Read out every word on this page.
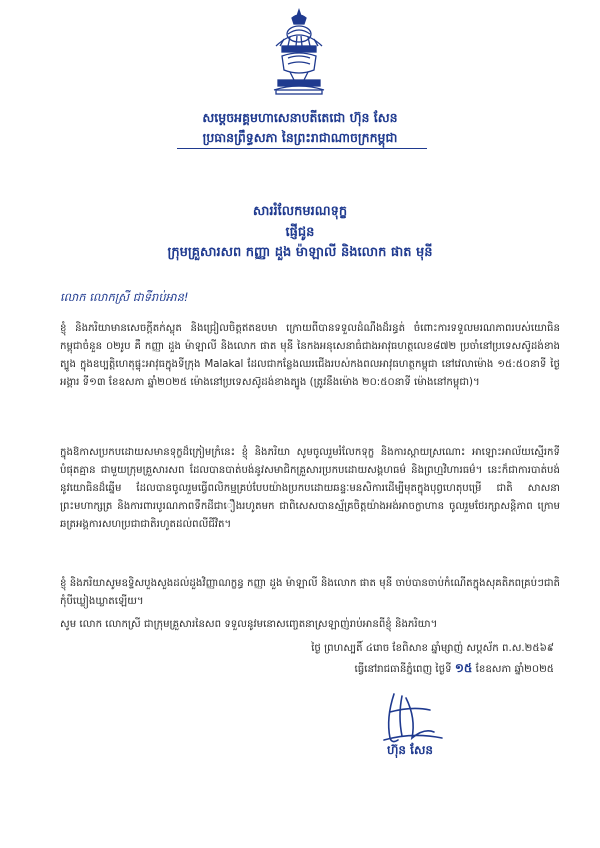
សម្ដេចអគ្គមហាសេនាបតីតេជោ ហ៊ុន សែន
ប្រធានព្រឹទ្ធសភា នៃព្រះរាជាណាចក្រកម្ពុជា
សាររំលែកមរណទុក្ខ
ផ្ញើជូន
ក្រុមគ្រួសារសព កញ្ញា ដួង ម៉ាឡាលី និងលោក ផាត មុនី
លោក លោកស្រី ជាទីរាប់អាន!
ខ្ញុំ និងភរិយាមានសេចក្ដីតក់ស្លុត និងជ្រៀលចិត្តឥតឧបមា ក្រោយពីបានទទួលដំណឹងដ៏រន្ធត់ ចំពោះការទទួលមរណភាពរបស់យោធិនកម្ពុជាចំនួន ០២រូប គឺ កញ្ញា ដួង ម៉ាឡាលី និងលោក ផាត មុនី នៃកងអនុសេនាធំជាងអាវុធហត្ថលេខ៨៧២ ប្រចាំនៅប្រទេសស៊ូដង់ខាងត្បូង ក្នុងឧប្បត្តិហេតុផ្ទុះអាវុធក្នុងទីក្រុង Malakal ដែលជាកន្លែងឈរជើងរបស់កងពលអាវុធហត្ថកម្ពុជា នៅវេលាម៉ោង ១៥:៥០នាទី ថ្ងៃអង្គារ ទី១៣ ខែឧសភា ឆ្នាំ២០២៥ ម៉ោងនៅប្រទេសស៊ូដង់ខាងត្បូង (ត្រូវនឹងម៉ោង ២០:៥០នាទី ម៉ោងនៅកម្ពុជា)។
ក្នុងឱកាសប្រកបដោយសមានទុក្ខដ៏ក្រៀមក្រំនេះ ខ្ញុំ និងភរិយា សូមចូលរួមរំលែកទុក្ខ និងការស្ដាយស្រណោះ អាឡោះអាល័យស្មើរកទីបំផុតគ្មាន ជាមួយក្រុមគ្រួសារសព ដែលបានបាត់បង់នូវសមាជិកគ្រួសារប្រកបដោយសង្គហធម៌ និងព្រហ្មវិហារធម៌។ នេះក៏ជាការបាត់បង់នូវយោធិនដ៏ឆ្នើម ដែលបានចូលរួមធ្វើពលិកម្មគ្រប់បែបយ៉ាងប្រកបដោយឆន្ទៈមនសិការដើម្បីមុតក្នុងបុព្វហេតុបម្រើ ជាតិ សាសនា ព្រះមហាក្សត្រ និងការពារបូរណភាពទឹកដីជាឿងរហូតមក ជាពិសេសបានស្ម័គ្រចិត្តយ៉ាងអង់អាចក្លាហាន ចូលរួមថែរក្សាសន្តិភាព ក្រោមឆត្រអង្គការសហប្រជាជាតិរហូតដល់ពលីជីវិត។
ខ្ញុំ និងភរិយាសូមឧទ្ទិសបួងសួងដល់ដួងវិញ្ញាណក្ខន្ធ កញ្ញា ដួង ម៉ាឡាលី និងលោក ផាត មុនី ចាប់បានចាប់កំណើតក្នុងសុគតិភពគ្រប់ៗជាតិ កុំបីឃ្លៀងឃ្លាតឡើយ។
សូម លោក លោកស្រី ជាក្រុមគ្រួសារនៃសព ទទួលនូវមនោសញ្ចេតនាស្រឡាញ់រាប់អានពីខ្ញុំ និងភរិយា។
ថ្ងៃ ព្រហស្បតិ៍ ៤រោច ខែពិសាខ ឆ្នាំម្សាញ់ សប្តស័ក ព.ស.២៥៦៩
ធ្វើនៅរាជធានីភ្នំពេញ ថ្ងៃទី ១៥ ខែឧសភា ឆ្នាំ២០២៥
ហ៊ុន សែន
